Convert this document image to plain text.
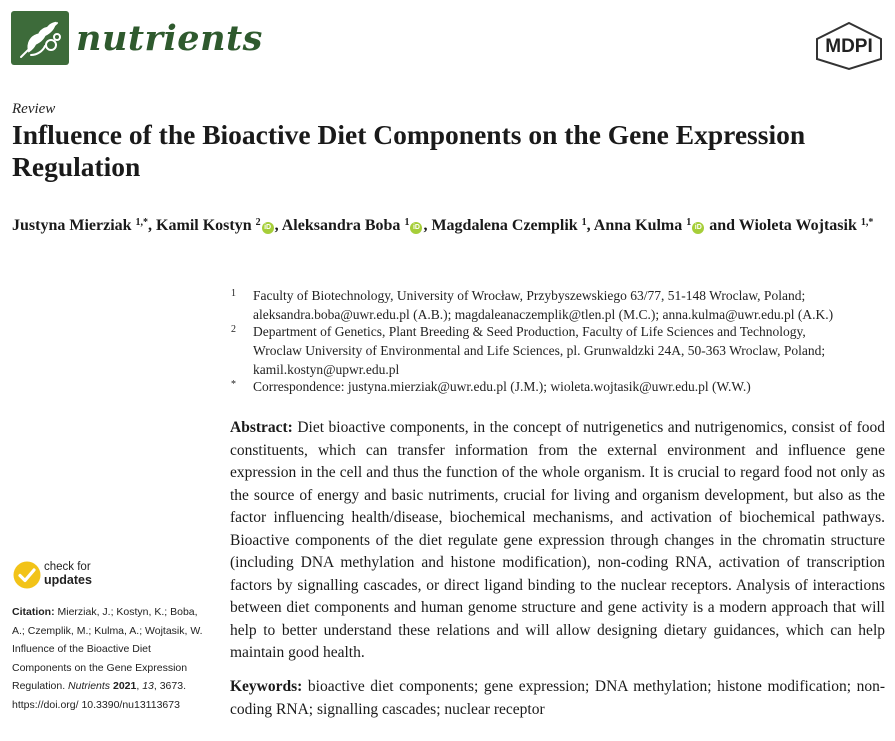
nutrients	MDPI
Review
Influence of the Bioactive Diet Components on the Gene Expression Regulation
Justyna Mierziak $^{1,*}$, Kamil Kostyn $^2$ iD , Aleksandra Boba $^1$ iD , Magdalena Czemplik $^1$, Anna Kulma $^1$ iD and Wioleta Wojtasik $^{1,*}$
1 Faculty of Biotechnology, University of Wrocław, Przybyszewskiego 63/77, 51-148 Wroclaw, Poland;
aleksandra.boba@uwr.edu.pl (A.B.); magdaleanaczemplik@tlen.pl (M.C.); anna.kulma@uwr.edu.pl (A.K.)
2 Department of Genetics, Plant Breeding & Seed Production, Faculty of Life Sciences and Technology,
Wroclaw University of Environmental and Life Sciences, pl. Grunwaldzki 24A, 50-363 Wroclaw, Poland;
kamil.kostyn@upwr.edu.pl
* Correspondence: justyna.mierziak@uwr.edu.pl (J.M.); wioleta.wojtasik@uwr.edu.pl (W.W.)
Abstract: Diet bioactive components, in the concept of nutrigenetics and nutrigenomics, consist of food constituents, which can transfer information from the external environment and influence gene expression in the cell and thus the function of the whole organism. It is crucial to regard food not only as the source of energy and basic nutriments, crucial for living and organism development, but also as the factor influencing health/disease, biochemical mechanisms, and activation of biochemical pathways. Bioactive components of the diet regulate gene expression through changes in the chromatin structure (including DNA methylation and histone modification), non-coding RNA, activation of transcription factors by signalling cascades, or direct ligand binding to the nuclear receptors. Analysis of interactions between diet components and human genome structure and gene activity is a modern approach that will help to better understand these relations and will allow designing dietary guidances, which can help maintain good health.
Keywords: bioactive diet components; gene expression; DNA methylation; histone modification; non-coding RNA; signalling cascades; nuclear receptor
check for
updates
Citation: Mierziak, J.; Kostyn, K.; Boba, A.; Czemplik, M.; Kulma, A.; Wojtasik, W. Influence of the Bioactive Diet Components on the Gene Expression Regulation. Nutrients 2021, 13, 3673. https://doi.org/ 10.3390/nu13113673
